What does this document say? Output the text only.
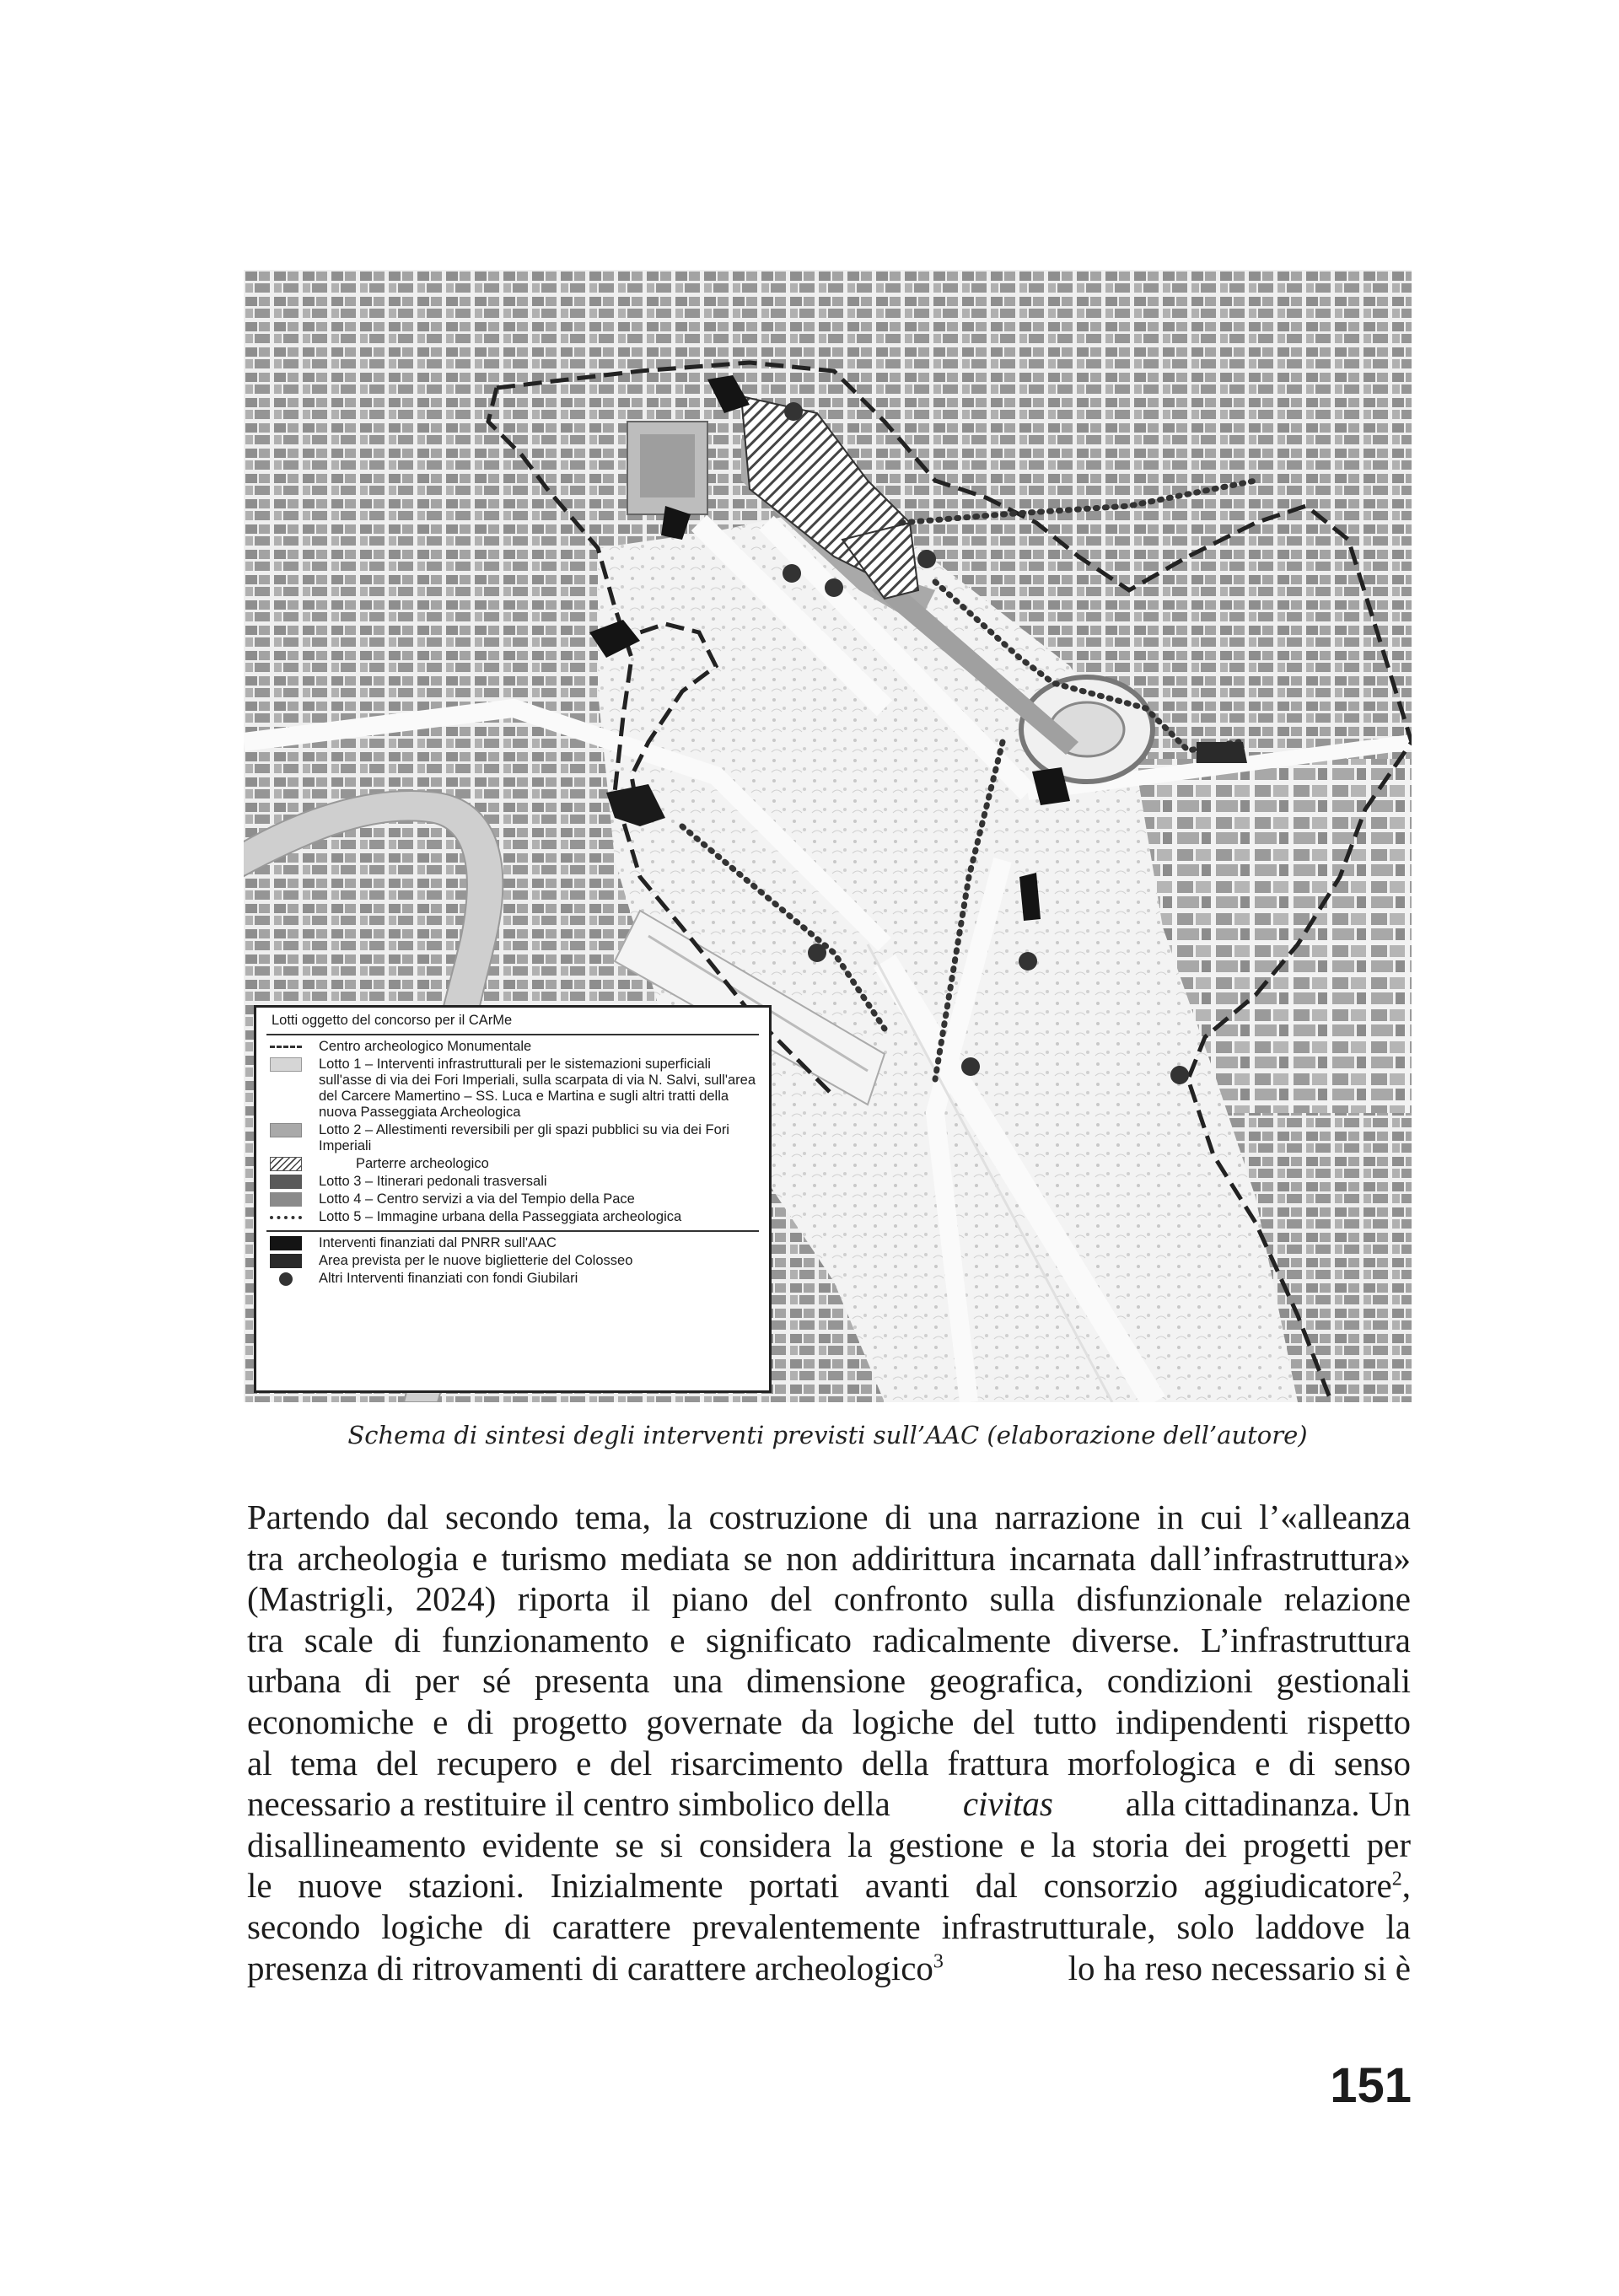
Lotti oggetto del concorso per il CArMe
Centro archeologico Monumentale
Lotto 1 – Interventi infrastrutturali per le sistemazioni superficiali sull'asse di via dei Fori Imperiali, sulla scarpata di via N. Salvi, sull'area del Carcere Mamertino – SS. Luca e Martina e sugli altri tratti della nuova Passeggiata Archeologica
Lotto 2 – Allestimenti reversibili per gli spazi pubblici su via dei Fori Imperiali
Parterre archeologico
Lotto 3 – Itinerari pedonali trasversali
Lotto 4 – Centro servizi a via del Tempio della Pace
Lotto 5 – Immagine urbana della Passeggiata archeologica
Interventi finanziati dal PNRR sull'AAC
Area prevista per le nuove biglietterie del Colosseo
Altri Interventi finanziati con fondi Giubilari
Schema di sintesi degli interventi previsti sull’AAC (elaborazione dell’autore)
Partendo dal secondo tema, la costruzione di una narrazione in cui l’«alleanza
tra archeologia e turismo mediata se non addirittura incarnata dall’infrastruttura»
(Mastrigli, 2024) riporta il piano del confronto sulla disfunzionale relazione
tra scale di funzionamento e significato radicalmente diverse. L’infrastruttura
urbana di per sé presenta una dimensione geografica, condizioni gestionali
economiche e di progetto governate da logiche del tutto indipendenti rispetto
al tema del recupero e del risarcimento della frattura morfologica e di senso
necessario a restituire il centro simbolico della civitas alla cittadinanza. Un
disallineamento evidente se si considera la gestione e la storia dei progetti per
le nuove stazioni. Inizialmente portati avanti dal consorzio aggiudicatore$^2$,
secondo logiche di carattere prevalentemente infrastrutturale, solo laddove la
presenza di ritrovamenti di carattere archeologico$^3$	lo ha reso necessario si è
151
